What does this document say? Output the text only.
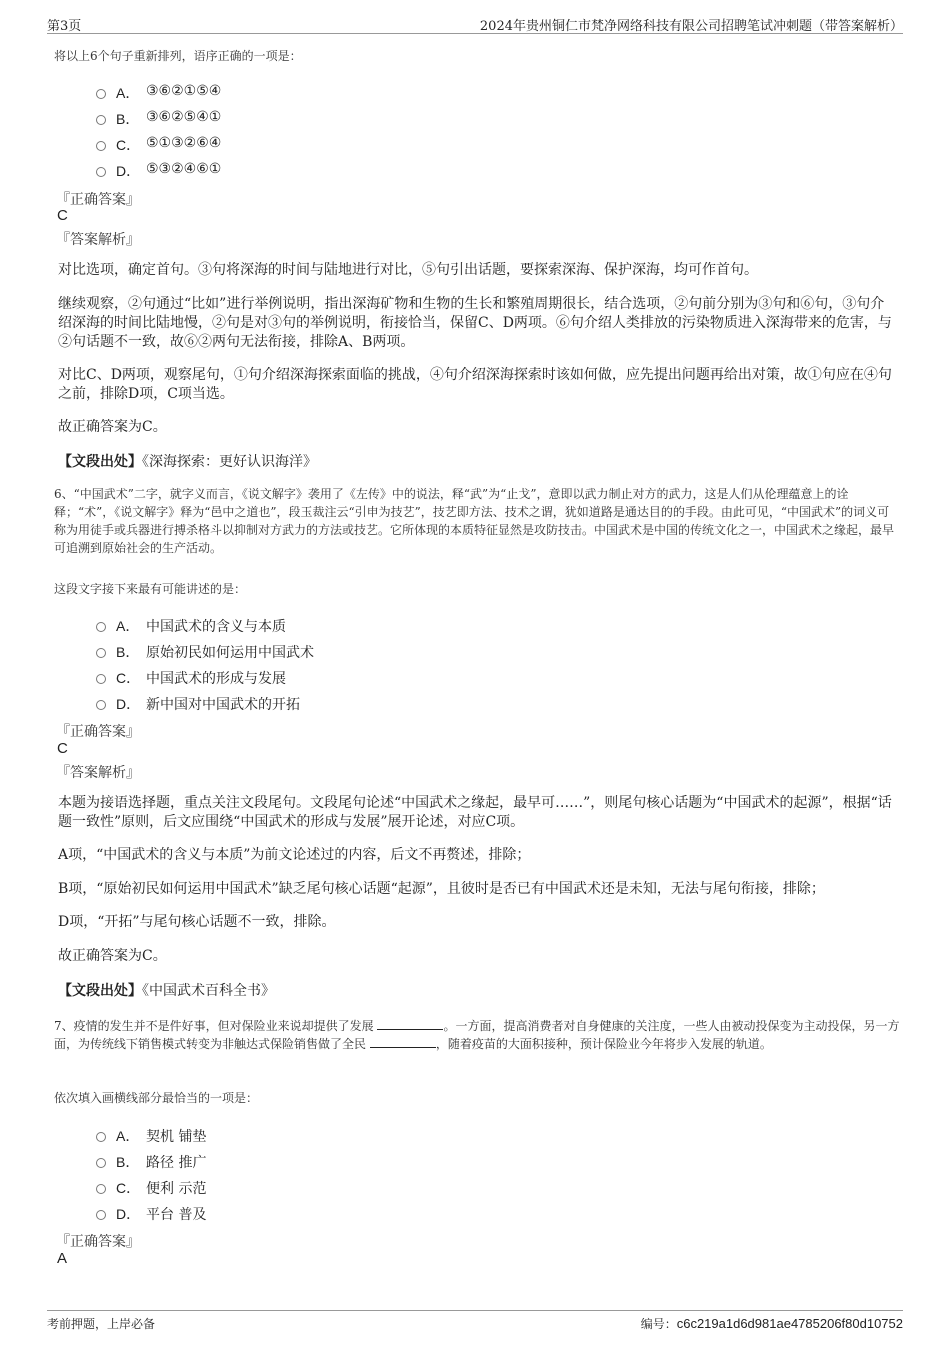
第3页	2024年贵州铜仁市梵净网络科技有限公司招聘笔试冲刺题（带答案解析）
将以上6个句子重新排列，语序正确的一项是：
A． ③⑥②①⑤④
B． ③⑥②⑤④①
C． ⑤①③②⑥④
D． ⑤③②④⑥①
『正确答案』
C
『答案解析』
对比选项，确定首句。③句将深海的时间与陆地进行对比，⑤句引出话题，要探索深海、保护深海，均可作首句。
继续观察，②句通过“比如”进行举例说明，指出深海矿物和生物的生长和繁殖周期很长，结合选项，②句前分别为③句和⑥句，③句介绍深海的时间比陆地慢，②句是对③句的举例说明，衔接恰当，保留C、D两项。⑥句介绍人类排放的污染物质进入深海带来的危害，与②句话题不一致，故⑥②两句无法衔接，排除A、B两项。
对比C、D两项，观察尾句，①句介绍深海探索面临的挑战，④句介绍深海探索时该如何做，应先提出问题再给出对策，故①句应在④句之前，排除D项，C项当选。
故正确答案为C。
【文段出处】《深海探索：更好认识海洋》
6、“中国武术”二字，就字义而言，《说文解字》袭用了《左传》中的说法，释“武”为“止戈”，意即以武力制止对方的武力，这是人们从伦理蕴意上的诠释；“术”，《说文解字》释为“邑中之道也”，段玉裁注云“引申为技艺”，技艺即方法、技术之谓，犹如道路是通达目的的手段。由此可见，“中国武术”的词义可称为用徒手或兵器进行搏杀格斗以抑制对方武力的方法或技艺。它所体现的本质特征显然是攻防技击。中国武术是中国的传统文化之一，中国武术之缘起，最早可追溯到原始社会的生产活动。
这段文字接下来最有可能讲述的是：
A． 中国武术的含义与本质
B． 原始初民如何运用中国武术
C． 中国武术的形成与发展
D． 新中国对中国武术的开拓
『正确答案』
C
『答案解析』
本题为接语选择题，重点关注文段尾句。文段尾句论述“中国武术之缘起，最早可……”，则尾句核心话题为“中国武术的起源”，根据“话题一致性”原则，后文应围绕“中国武术的形成与发展”展开论述，对应C项。
A项，“中国武术的含义与本质”为前文论述过的内容，后文不再赘述，排除；
B项，“原始初民如何运用中国武术”缺乏尾句核心话题“起源”，且彼时是否已有中国武术还是未知，无法与尾句衔接，排除；
D项，“开拓”与尾句核心话题不一致，排除。
故正确答案为C。
【文段出处】《中国武术百科全书》
7、疫情的发生并不是件好事，但对保险业来说却提供了发展	。一方面，提高消费者对自身健康的关注度，一些人由被动投保变为主动投保，另一方面，为传统线下销售模式转变为非触达式保险销售做了全民	，随着疫苗的大面积接种，预计保险业今年将步入发展的轨道。
依次填入画横线部分最恰当的一项是：
A． 契机 铺垫
B． 路径 推广
C． 便利 示范
D． 平台 普及
『正确答案』
A
考前押题，上岸必备	编号：c6c219a1d6d981ae4785206f80d10752
